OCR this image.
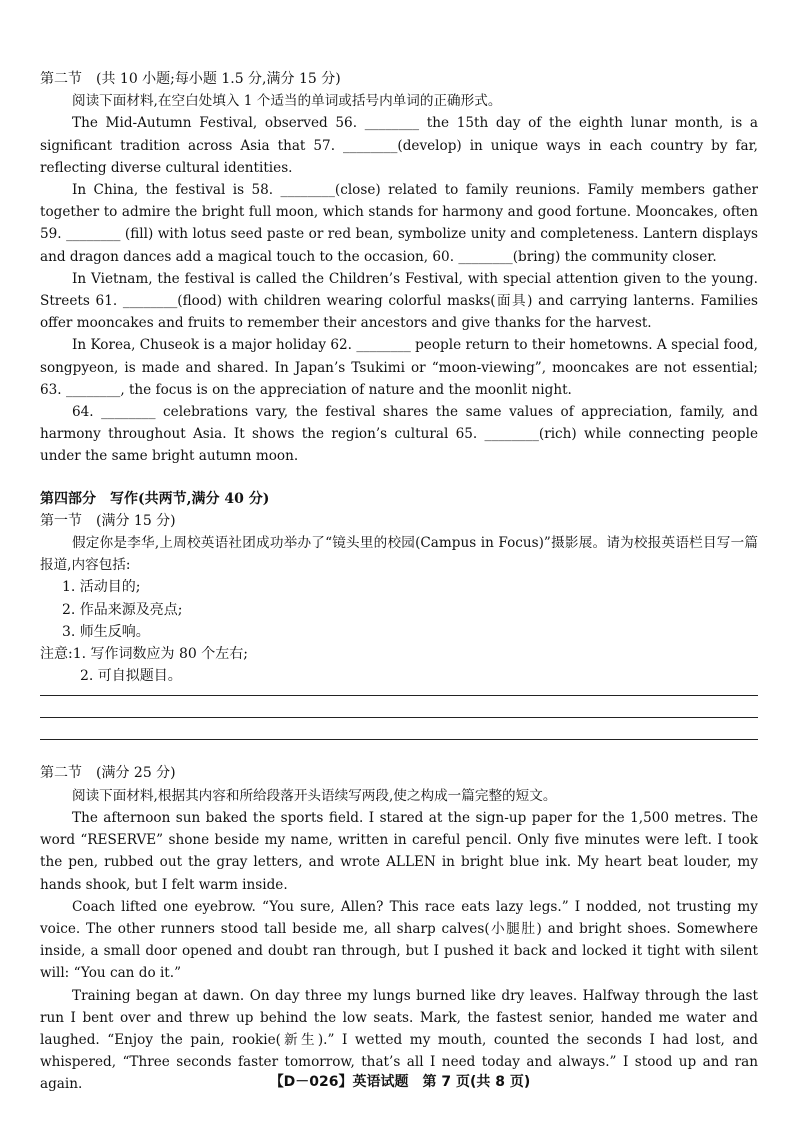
第二节　(共 10 小题;每小题 1.5 分,满分 15 分)

阅读下面材料,在空白处填入 1 个适当的单词或括号内单词的正确形式。

The Mid-Autumn Festival, observed 56. ________ the 15th day of the eighth lunar month, is a significant tradition across Asia that 57. ________(develop) in unique ways in each country by far, reflecting diverse cultural identities.

In China, the festival is 58. ________(close) related to family reunions. Family members gather together to admire the bright full moon, which stands for harmony and good fortune. Mooncakes, often 59. ________ (fill) with lotus seed paste or red bean, symbolize unity and completeness. Lantern displays and dragon dances add a magical touch to the occasion, 60. ________(bring) the community closer.

In Vietnam, the festival is called the Children’s Festival, with special attention given to the young. Streets 61. ________(flood) with children wearing colorful masks(面具) and carrying lanterns. Families offer mooncakes and fruits to remember their ancestors and give thanks for the harvest.

In Korea, Chuseok is a major holiday 62. ________ people return to their hometowns. A special food, songpyeon, is made and shared. In Japan’s Tsukimi or “moon-viewing”, mooncakes are not essential; 63. ________, the focus is on the appreciation of nature and the moonlit night.

64. ________ celebrations vary, the festival shares the same values of appreciation, family, and harmony throughout Asia. It shows the region’s cultural 65. ________(rich) while connecting people under the same bright autumn moon.

第四部分　写作(共两节,满分 40 分)

第一节　(满分 15 分)

假定你是李华,上周校英语社团成功举办了“镜头里的校园(Campus in Focus)”摄影展。请为校报英语栏目写一篇报道,内容包括:

1. 活动目的;

2. 作品来源及亮点;

3. 师生反响。

注意:1. 写作词数应为 80 个左右;

2. 可自拟题目。

第二节　(满分 25 分)

阅读下面材料,根据其内容和所给段落开头语续写两段,使之构成一篇完整的短文。

The afternoon sun baked the sports field. I stared at the sign-up paper for the 1,500 metres. The word “RESERVE” shone beside my name, written in careful pencil. Only five minutes were left. I took the pen, rubbed out the gray letters, and wrote ALLEN in bright blue ink. My heart beat louder, my hands shook, but I felt warm inside.

Coach lifted one eyebrow. “You sure, Allen? This race eats lazy legs.” I nodded, not trusting my voice. The other runners stood tall beside me, all sharp calves(小腿肚) and bright shoes. Somewhere inside, a small door opened and doubt ran through, but I pushed it back and locked it tight with silent will: “You can do it.”

Training began at dawn. On day three my lungs burned like dry leaves. Halfway through the last run I bent over and threw up behind the low seats. Mark, the fastest senior, handed me water and laughed. “Enjoy the pain, rookie(新生).” I wetted my mouth, counted the seconds I had lost, and whispered, “Three seconds faster tomorrow, that’s all I need today and always.” I stood up and ran again.	【D－026】英语试题　第 7 页(共 8 页)
